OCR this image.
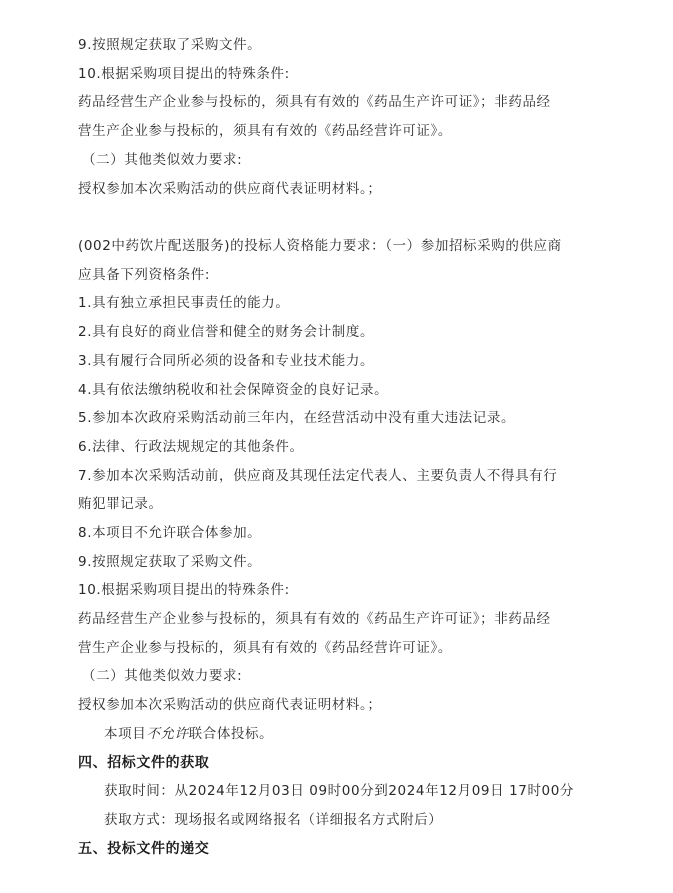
9.按照规定获取了采购文件。
10.根据采购项目提出的特殊条件:
药品经营生产企业参与投标的，须具有有效的《药品生产许可证》；非药品经
营生产企业参与投标的，须具有有效的《药品经营许可证》。
（二）其他类似效力要求:
授权参加本次采购活动的供应商代表证明材料。；
(002中药饮片配送服务)的投标人资格能力要求：（一）参加招标采购的供应商
应具备下列资格条件:
1.具有独立承担民事责任的能力。
2.具有良好的商业信誉和健全的财务会计制度。
3.具有履行合同所必须的设备和专业技术能力。
4.具有依法缴纳税收和社会保障资金的良好记录。
5.参加本次政府采购活动前三年内，在经营活动中没有重大违法记录。
6.法律、行政法规规定的其他条件。
7.参加本次采购活动前，供应商及其现任法定代表人、主要负责人不得具有行
贿犯罪记录。
8.本项目不允许联合体参加。
9.按照规定获取了采购文件。
10.根据采购项目提出的特殊条件:
药品经营生产企业参与投标的，须具有有效的《药品生产许可证》；非药品经
营生产企业参与投标的，须具有有效的《药品经营许可证》。
（二）其他类似效力要求:
授权参加本次采购活动的供应商代表证明材料。；
本项目不允许联合体投标。
四、招标文件的获取
获取时间：从2024年12月03日 09时00分到2024年12月09日 17时00分
获取方式：现场报名或网络报名（详细报名方式附后）
五、投标文件的递交
